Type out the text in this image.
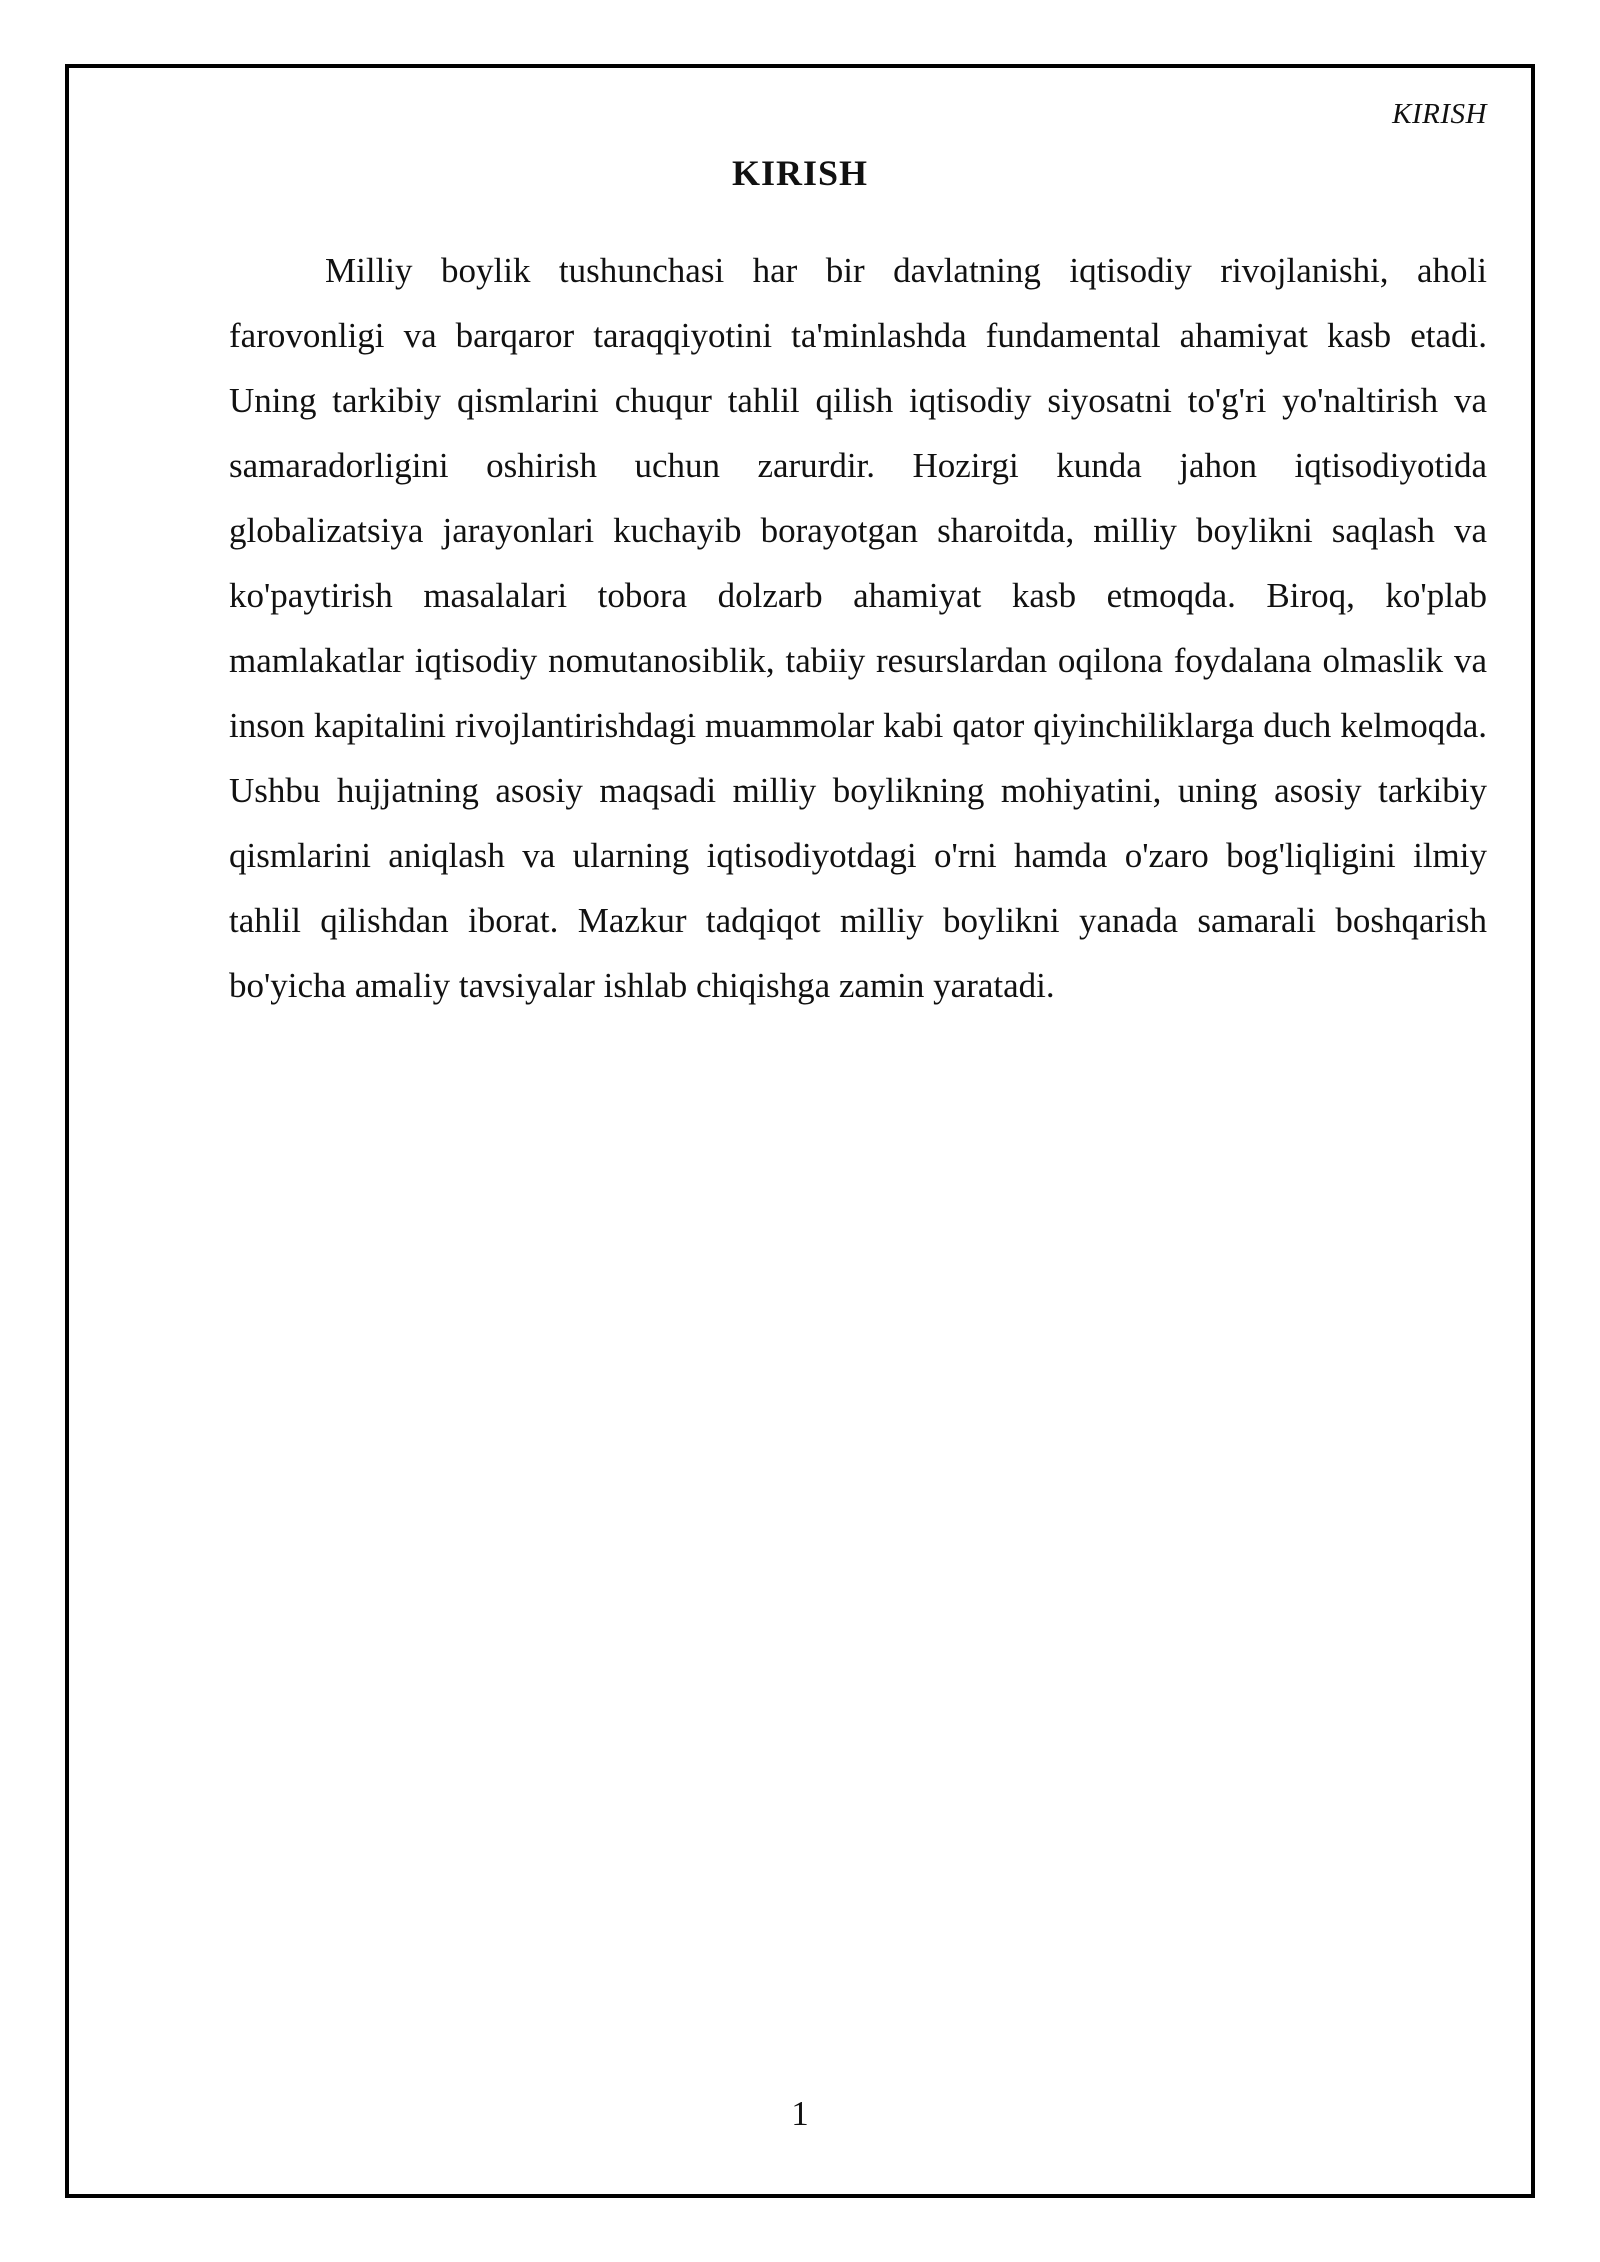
KIRISH
KIRISH

Milliy boylik tushunchasi har bir davlatning iqtisodiy rivojlanishi, aholi farovonligi va barqaror taraqqiyotini ta'minlashda fundamental ahamiyat kasb etadi. Uning tarkibiy qismlarini chuqur tahlil qilish iqtisodiy siyosatni to'g'ri yo'naltirish va samaradorligini oshirish uchun zarurdir. Hozirgi kunda jahon iqtisodiyotida globalizatsiya jarayonlari kuchayib borayotgan sharoitda, milliy boylikni saqlash va ko'paytirish masalalari tobora dolzarb ahamiyat kasb etmoqda. Biroq, ko'plab mamlakatlar iqtisodiy nomutanosiblik, tabiiy resurslardan oqilona foydalana olmaslik va inson kapitalini rivojlantirishdagi muammolar kabi qator qiyinchiliklarga duch kelmoqda. Ushbu hujjatning asosiy maqsadi milliy boylikning mohiyatini, uning asosiy tarkibiy qismlarini aniqlash va ularning iqtisodiyotdagi o'rni hamda o'zaro bog'liqligini ilmiy tahlil qilishdan iborat. Mazkur tadqiqot milliy boylikni yanada samarali boshqarish bo'yicha amaliy tavsiyalar ishlab chiqishga zamin yaratadi.

1
